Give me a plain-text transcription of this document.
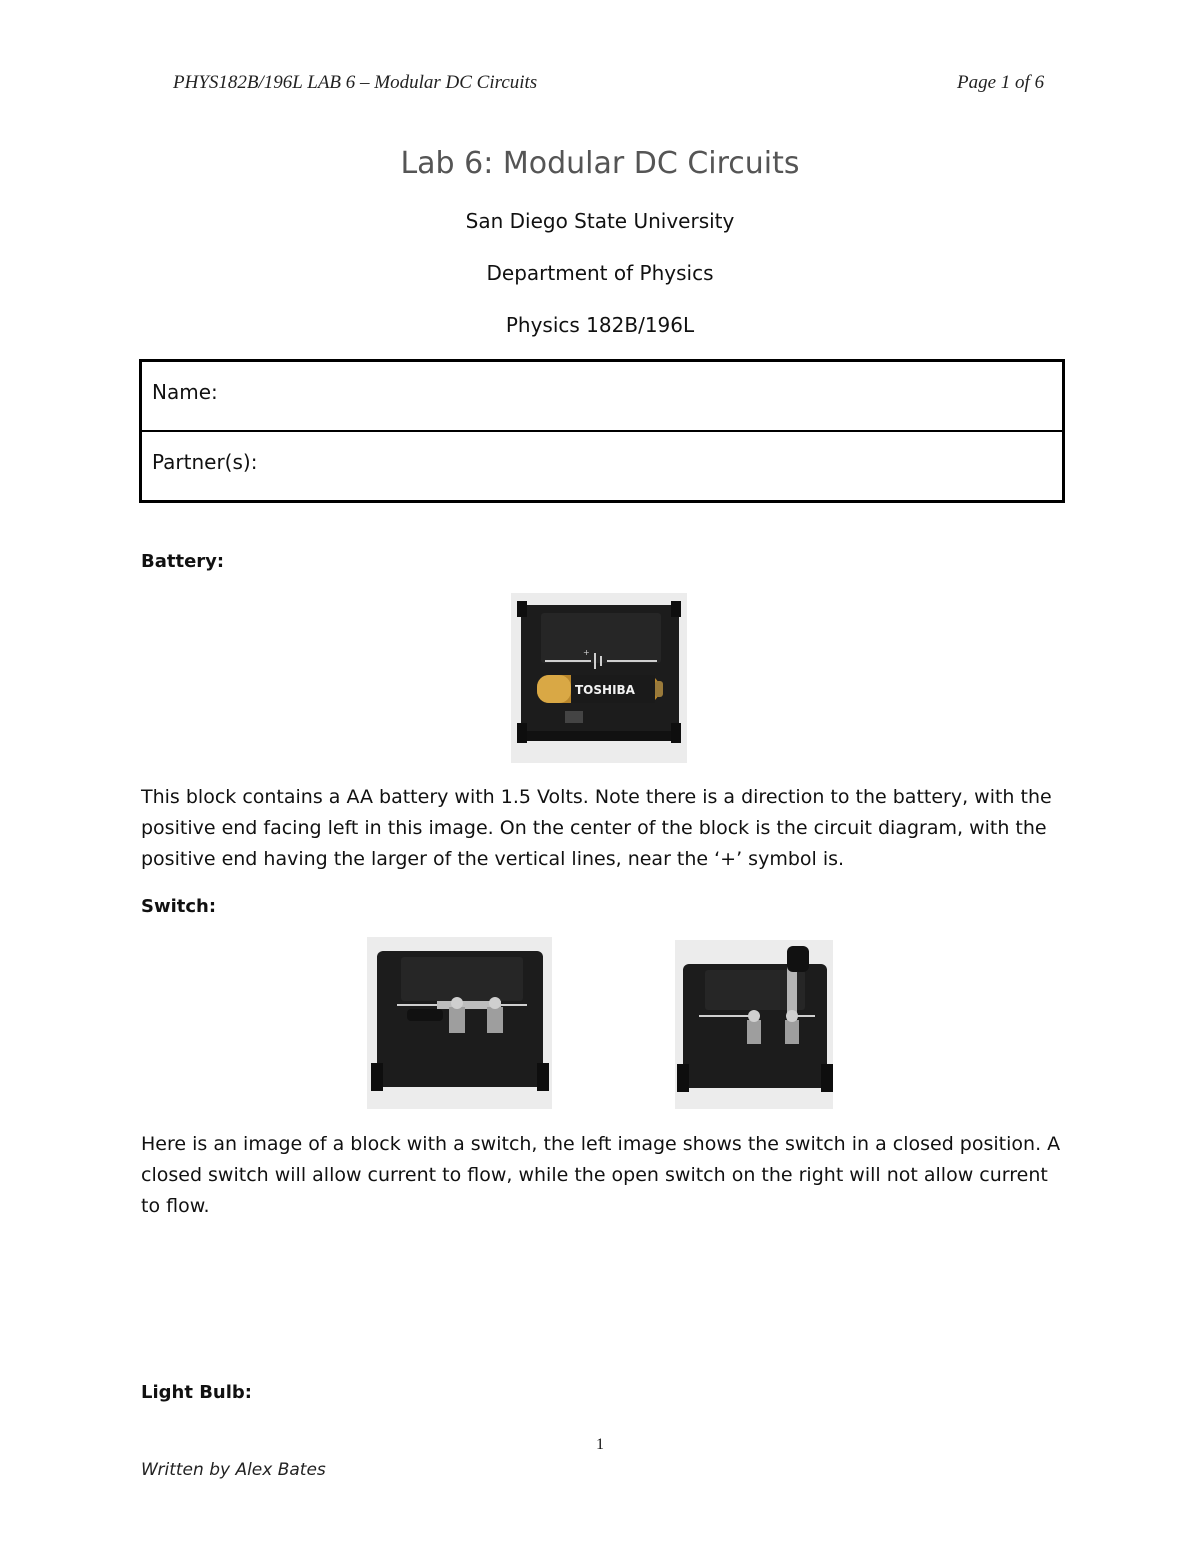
PHYS182B/196L LAB 6 – Modular DC Circuits	Page 1 of 6
Lab 6: Modular DC Circuits
San Diego State University
Department of Physics
Physics 182B/196L
Name:
Partner(s):
Battery:
+
TOSHIBA
This block contains a AA battery with 1.5 Volts. Note there is a direction to the battery, with the positive end facing left in this image. On the center of the block is the circuit diagram, with the positive end having the larger of the vertical lines, near the ‘+’ symbol is.
Switch:
Here is an image of a block with a switch, the left image shows the switch in a closed position. A closed switch will allow current to flow, while the open switch on the right will not allow current to flow.
Light Bulb:
1
Written by Alex Bates
